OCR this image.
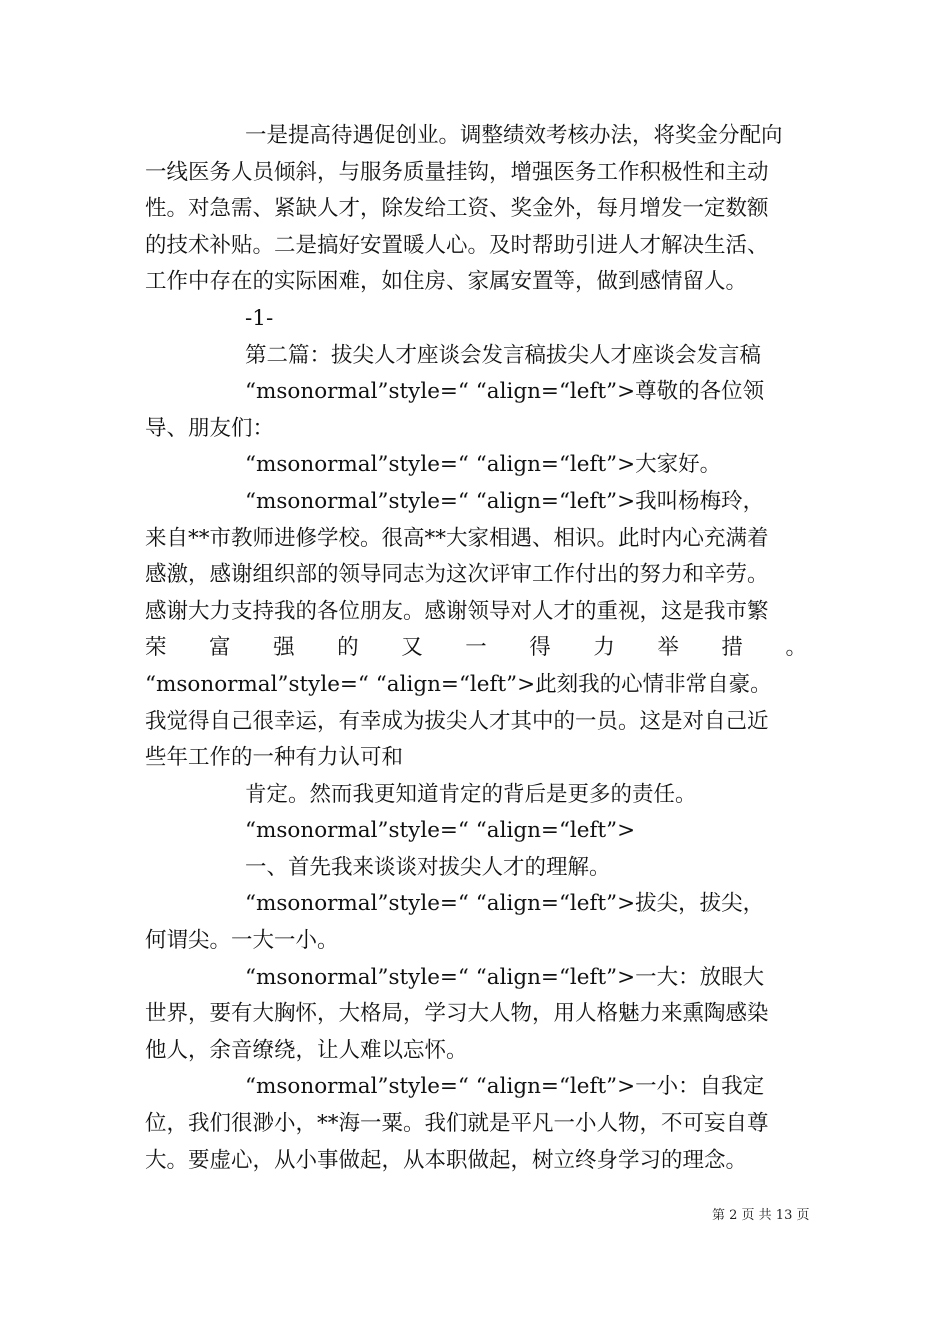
一是提高待遇促创业。调整绩效考核办法，将奖金分配向

一线医务人员倾斜，与服务质量挂钩，增强医务工作积极性和主动

性。对急需、紧缺人才，除发给工资、奖金外，每月增发一定数额

的技术补贴。二是搞好安置暖人心。及时帮助引进人才解决生活、

工作中存在的实际困难，如住房、家属安置等，做到感情留人。

-1-

第二篇：拔尖人才座谈会发言稿拔尖人才座谈会发言稿

“msonormal”style=“ “align=“left”>尊敬的各位领

导、朋友们：

“msonormal”style=“ “align=“left”>大家好。

“msonormal”style=“ “align=“left”>我叫杨梅玲，

来自**市教师进修学校。很高**大家相遇、相识。此时内心充满着

感激，感谢组织部的领导同志为这次评审工作付出的努力和辛劳。

感谢大力支持我的各位朋友。感谢领导对人才的重视，这是我市繁

荣 富 强 的 又 一 得 力 举 措 。

“msonormal”style=“ “align=“left”>此刻我的心情非常自豪。

我觉得自己很幸运，有幸成为拔尖人才其中的一员。这是对自己近

些年工作的一种有力认可和

肯定。然而我更知道肯定的背后是更多的责任。

“msonormal”style=“ “align=“left”>

一、首先我来谈谈对拔尖人才的理解。

“msonormal”style=“ “align=“left”>拔尖，拔尖，

何谓尖。一大一小。

“msonormal”style=“ “align=“left”>一大：放眼大

世界，要有大胸怀，大格局，学习大人物，用人格魅力来熏陶感染

他人，余音缭绕，让人难以忘怀。

“msonormal”style=“ “align=“left”>一小：自我定

位，我们很渺小，**海一粟。我们就是平凡一小人物，不可妄自尊

大。要虚心，从小事做起，从本职做起，树立终身学习的理念。

第 2 页 共 13 页
